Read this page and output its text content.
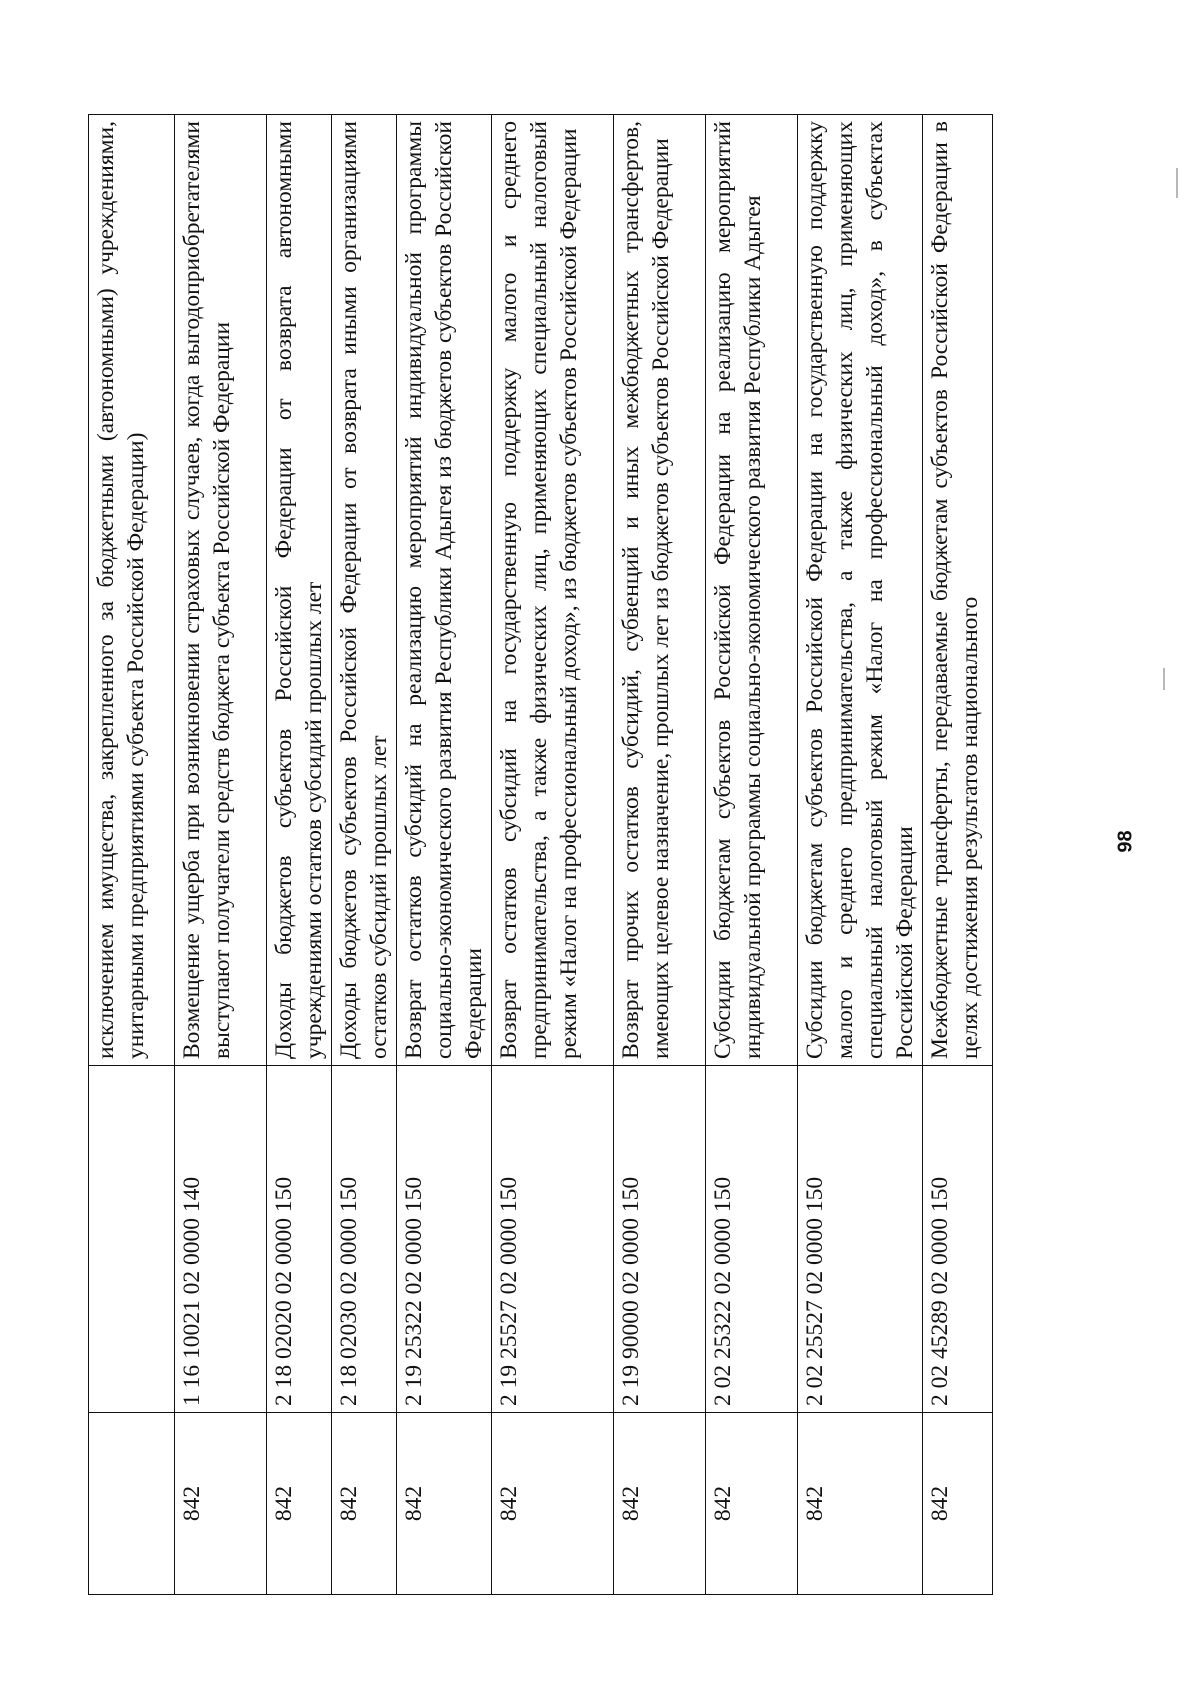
98
		исключением имущества, закрепленного за бюджетными (автономными) учреждениями, унитарными предприятиями субъекта Российской Федерации)
842	1 16 10021 02 0000 140	Возмещение ущерба при возникновении страховых случаев, когда выгодоприобретателями выступают получатели средств бюджета субъекта Российской Федерации
842	2 18 02020 02 0000 150	Доходы бюджетов субъектов Российской Федерации от возврата автономными учреждениями остатков субсидий прошлых лет
842	2 18 02030 02 0000 150	Доходы бюджетов субъектов Российской Федерации от возврата иными организациями остатков субсидий прошлых лет
842	2 19 25322 02 0000 150	Возврат остатков субсидий на реализацию мероприятий индивидуальной программы социально-экономического развития Республики Адыгея из бюджетов субъектов Российской Федерации
842	2 19 25527 02 0000 150	Возврат остатков субсидий на государственную поддержку малого и среднего предпринимательства, а также физических лиц, применяющих специальный налоговый режим «Налог на профессиональный доход», из бюджетов субъектов Российской Федерации
842	2 19 90000 02 0000 150	Возврат прочих остатков субсидий, субвенций и иных межбюджетных трансфертов, имеющих целевое назначение, прошлых лет из бюджетов субъектов Российской Федерации
842	2 02 25322 02 0000 150	Субсидии бюджетам субъектов Российской Федерации на реализацию мероприятий индивидуальной программы социально-экономического развития Республики Адыгея
842	2 02 25527 02 0000 150	Субсидии бюджетам субъектов Российской Федерации на государственную поддержку малого и среднего предпринимательства, а также физических лиц, применяющих специальный налоговый режим «Налог на профессиональный доход», в субъектах Российской Федерации
842	2 02 45289 02 0000 150	Межбюджетные трансферты, передаваемые бюджетам субъектов Российской Федерации в целях достижения результатов национального
